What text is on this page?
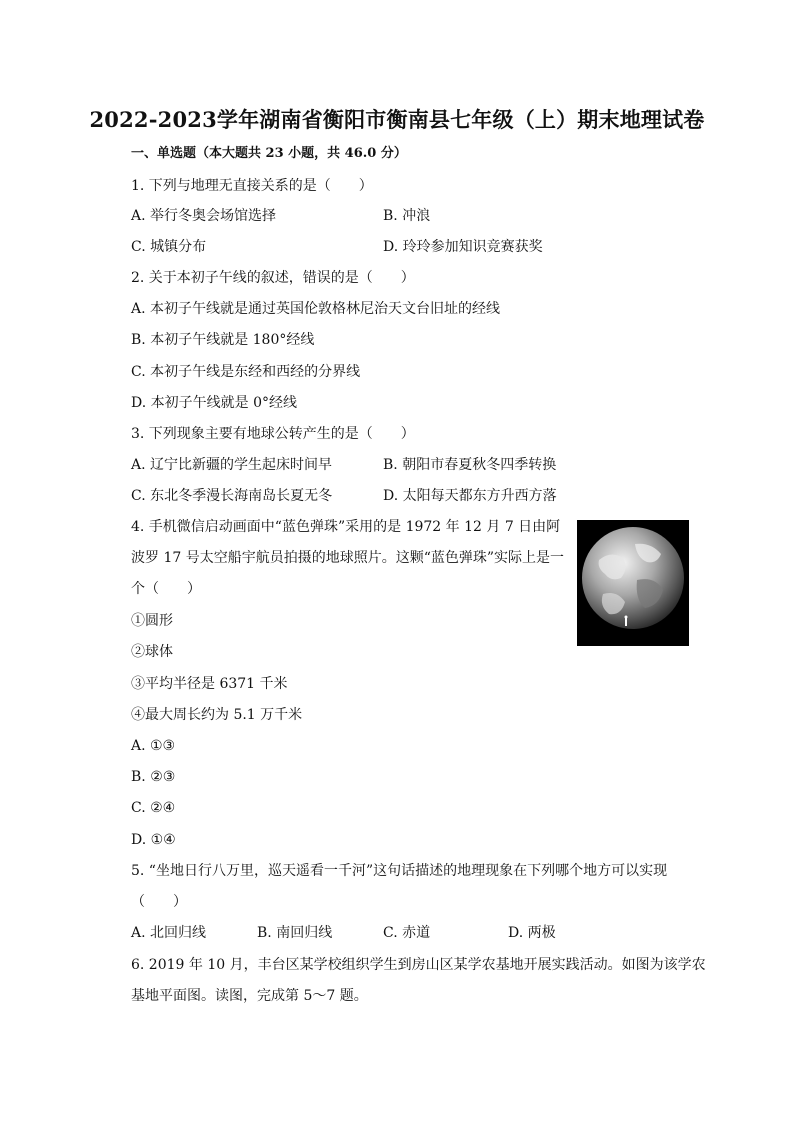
2022-2023学年湖南省衡阳市衡南县七年级（上）期末地理试卷
一、单选题（本大题共 23 小题，共 46.0 分）
1. 下列与地理无直接关系的是（　　）
A. 举行冬奥会场馆选择	B. 冲浪
C. 城镇分布	D. 玲玲参加知识竞赛获奖
2. 关于本初子午线的叙述，错误的是（　　）
A. 本初子午线就是通过英国伦敦格林尼治天文台旧址的经线
B. 本初子午线就是 180°经线
C. 本初子午线是东经和西经的分界线
D. 本初子午线就是 0°经线
3. 下列现象主要有地球公转产生的是（　　）
A. 辽宁比新疆的学生起床时间早	B. 朝阳市春夏秋冬四季转换
C. 东北冬季漫长海南岛长夏无冬	D. 太阳每天都东方升西方落
4. 手机微信启动画面中“蓝色弹珠”采用的是 1972 年 12 月 7 日由阿
波罗 17 号太空船宇航员拍摄的地球照片。这颗“蓝色弹珠”实际上是一
个（　　）
①圆形
②球体
③平均半径是 6371 千米
④最大周长约为 5.1 万千米
A. ①③
B. ②③
C. ②④
D. ①④
5. “坐地日行八万里，巡天遥看一千河”这句话描述的地理现象在下列哪个地方可以实现
（　　）
A. 北回归线	B. 南回归线	C. 赤道	D. 两极
6. 2019 年 10 月，丰台区某学校组织学生到房山区某学农基地开展实践活动。如图为该学农
基地平面图。读图，完成第 5～7 题。
